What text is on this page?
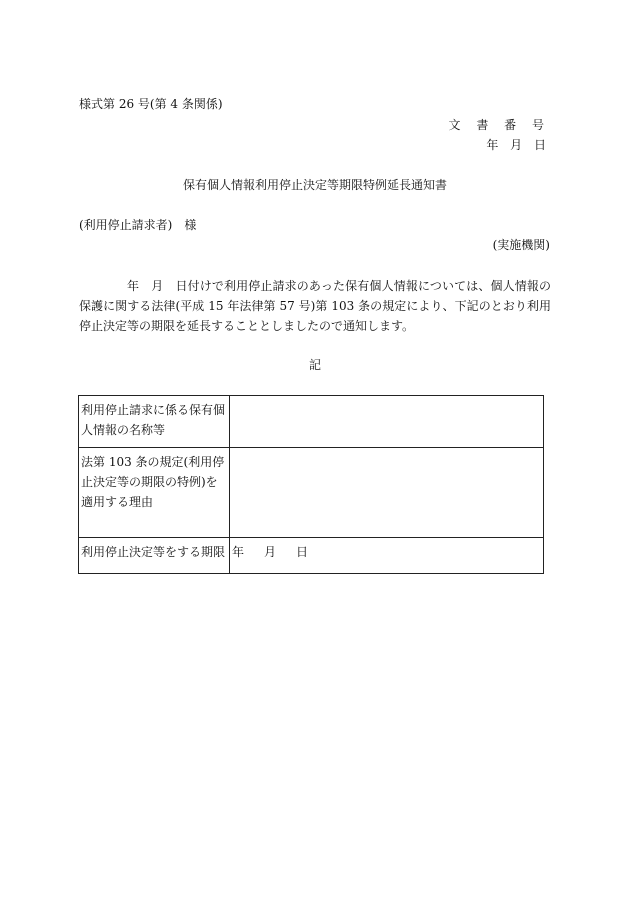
様式第 26 号(第 4 条関係)
文 書 番 号
年 月 日
保有個人情報利用停止決定等期限特例延長通知書
(利用停止請求者)　様
(実施機関)
年　月　日付けで利用停止請求のあった保有個人情報については、個人情報の保護に関する法律(平成 15 年法律第 57 号)第 103 条の規定により、下記のとおり利用停止決定等の期限を延長することとしましたので通知します。
記
利用停止請求に係る保有個人情報の名称等	
法第 103 条の規定(利用停止決定等の期限の特例)を適用する理由	
利用停止決定等をする期限	年　月　日
